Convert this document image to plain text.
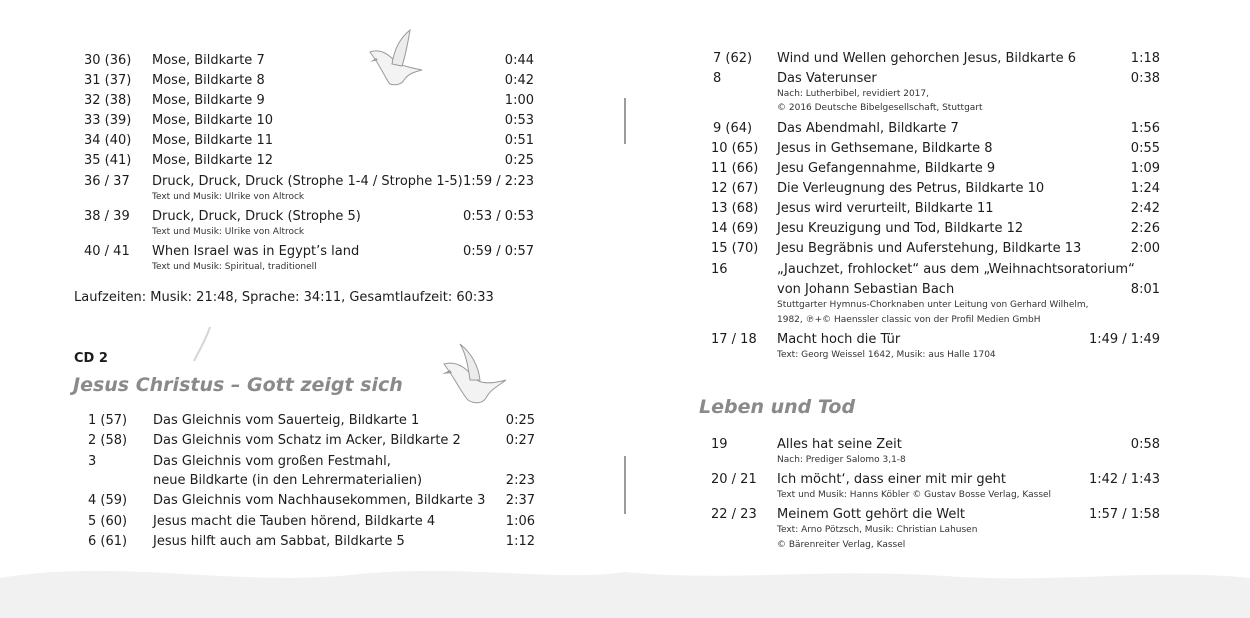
30 (36) Mose, Bildkarte 7	0:44
31 (37) Mose, Bildkarte 8	0:42
32 (38) Mose, Bildkarte 9	1:00
33 (39) Mose, Bildkarte 10	0:53
34 (40) Mose, Bildkarte 11	0:51
35 (41) Mose, Bildkarte 12	0:25
36 / 37 Druck, Druck, Druck (Strophe 1-4 / Strophe 1-5) 1:59 / 2:23
Text und Musik: Ulrike von Altrock
38 / 39 Druck, Druck, Druck (Strophe 5)	0:53 / 0:53
Text und Musik: Ulrike von Altrock
40 / 41 When Israel was in Egypt’s land	0:59 / 0:57
Text und Musik: Spiritual, traditionell
Laufzeiten: Musik: 21:48, Sprache: 34:11, Gesamtlaufzeit: 60:33
CD 2
Jesus Christus – Gott zeigt sich
1 (57) Das Gleichnis vom Sauerteig, Bildkarte 1	0:25
2 (58) Das Gleichnis vom Schatz im Acker, Bildkarte 2	0:27
3	Das Gleichnis vom großen Festmahl,
neue Bildkarte (in den Lehrermaterialien)	2:23
4 (59) Das Gleichnis vom Nachhausekommen, Bildkarte 3 2:37
5 (60) Jesus macht die Tauben hörend, Bildkarte 4	1:06
6 (61) Jesus hilft auch am Sabbat, Bildkarte 5	1:12
7 (62) Wind und Wellen gehorchen Jesus, Bildkarte 6	1:18
8	Das Vaterunser	0:38
Nach: Lutherbibel, revidiert 2017,
© 2016 Deutsche Bibelgesellschaft, Stuttgart
9 (64) Das Abendmahl, Bildkarte 7	1:56
10 (65) Jesus in Gethsemane, Bildkarte 8	0:55
11 (66) Jesu Gefangennahme, Bildkarte 9	1:09
12 (67) Die Verleugnung des Petrus, Bildkarte 10	1:24
13 (68) Jesus wird verurteilt, Bildkarte 11	2:42
14 (69) Jesu Kreuzigung und Tod, Bildkarte 12	2:26
15 (70) Jesu Begräbnis und Auferstehung, Bildkarte 13	2:00
16	„Jauchzet, frohlocket“ aus dem „Weihnachtsoratorium“
von Johann Sebastian Bach	8:01
Stuttgarter Hymnus-Chorknaben unter Leitung von Gerhard Wilhelm,
1982, ℗+© Haenssler classic von der Profil Medien GmbH
17 / 18 Macht hoch die Tür	1:49 / 1:49
Text: Georg Weissel 1642, Musik: aus Halle 1704
Leben und Tod
19	Alles hat seine Zeit	0:58
Nach: Prediger Salomo 3,1-8
20 / 21 Ich möcht‘, dass einer mit mir geht	1:42 / 1:43
Text und Musik: Hanns Köbler © Gustav Bosse Verlag, Kassel
22 / 23 Meinem Gott gehört die Welt	1:57 / 1:58
Text: Arno Pötzsch, Musik: Christian Lahusen
© Bärenreiter Verlag, Kassel
